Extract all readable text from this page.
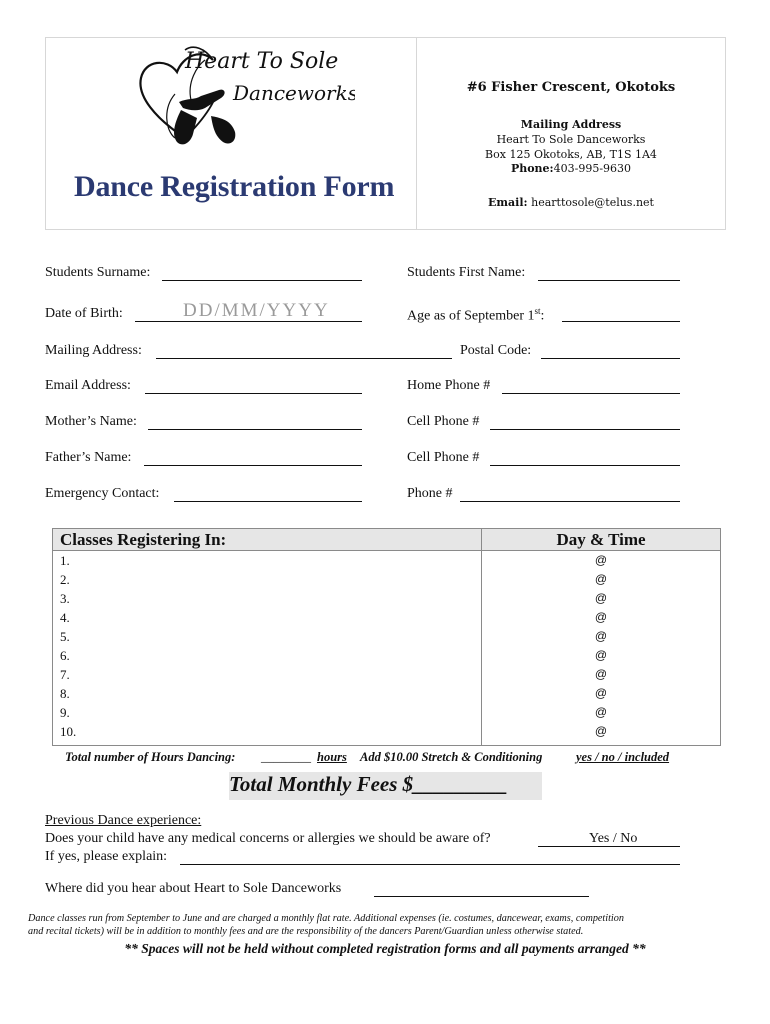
Heart To Sole
Danceworks
Dance Registration Form
#6 Fisher Crescent, Okotoks
Mailing Address
Heart To Sole Danceworks
Box 125 Okotoks, AB, T1S 1A4
Phone:403-995-9630
Email: hearttosole@telus.net
Students Surname:	Students First Name:
Date of Birth:	DD/MM/YYYY	Age as of September 1st:
Mailing Address:	Postal Code:
Email Address:	Home Phone #
Mother’s Name:	Cell Phone #
Father’s Name:	Cell Phone #
Emergency Contact:	Phone #
Classes Registering In:	Day & Time
1.	@
2.	@
3.	@
4.	@
5.	@
6.	@
7.	@
8.	@
9.	@
10.	@
Total number of Hours Dancing: ________ hours Add $10.00 Stretch & Conditioning	yes / no / included
Total Monthly Fees $_________
Previous Dance experience:
Does your child have any medical concerns or allergies we should be aware of?	Yes / No
If yes, please explain:
Where did you hear about Heart to Sole Danceworks
Dance classes run from September to June and are charged a monthly flat rate. Additional expenses (ie. costumes, dancewear, exams, competition
and recital tickets) will be in addition to monthly fees and are the responsibility of the dancers Parent/Guardian unless otherwise stated.
** Spaces will not be held without completed registration forms and all payments arranged **
